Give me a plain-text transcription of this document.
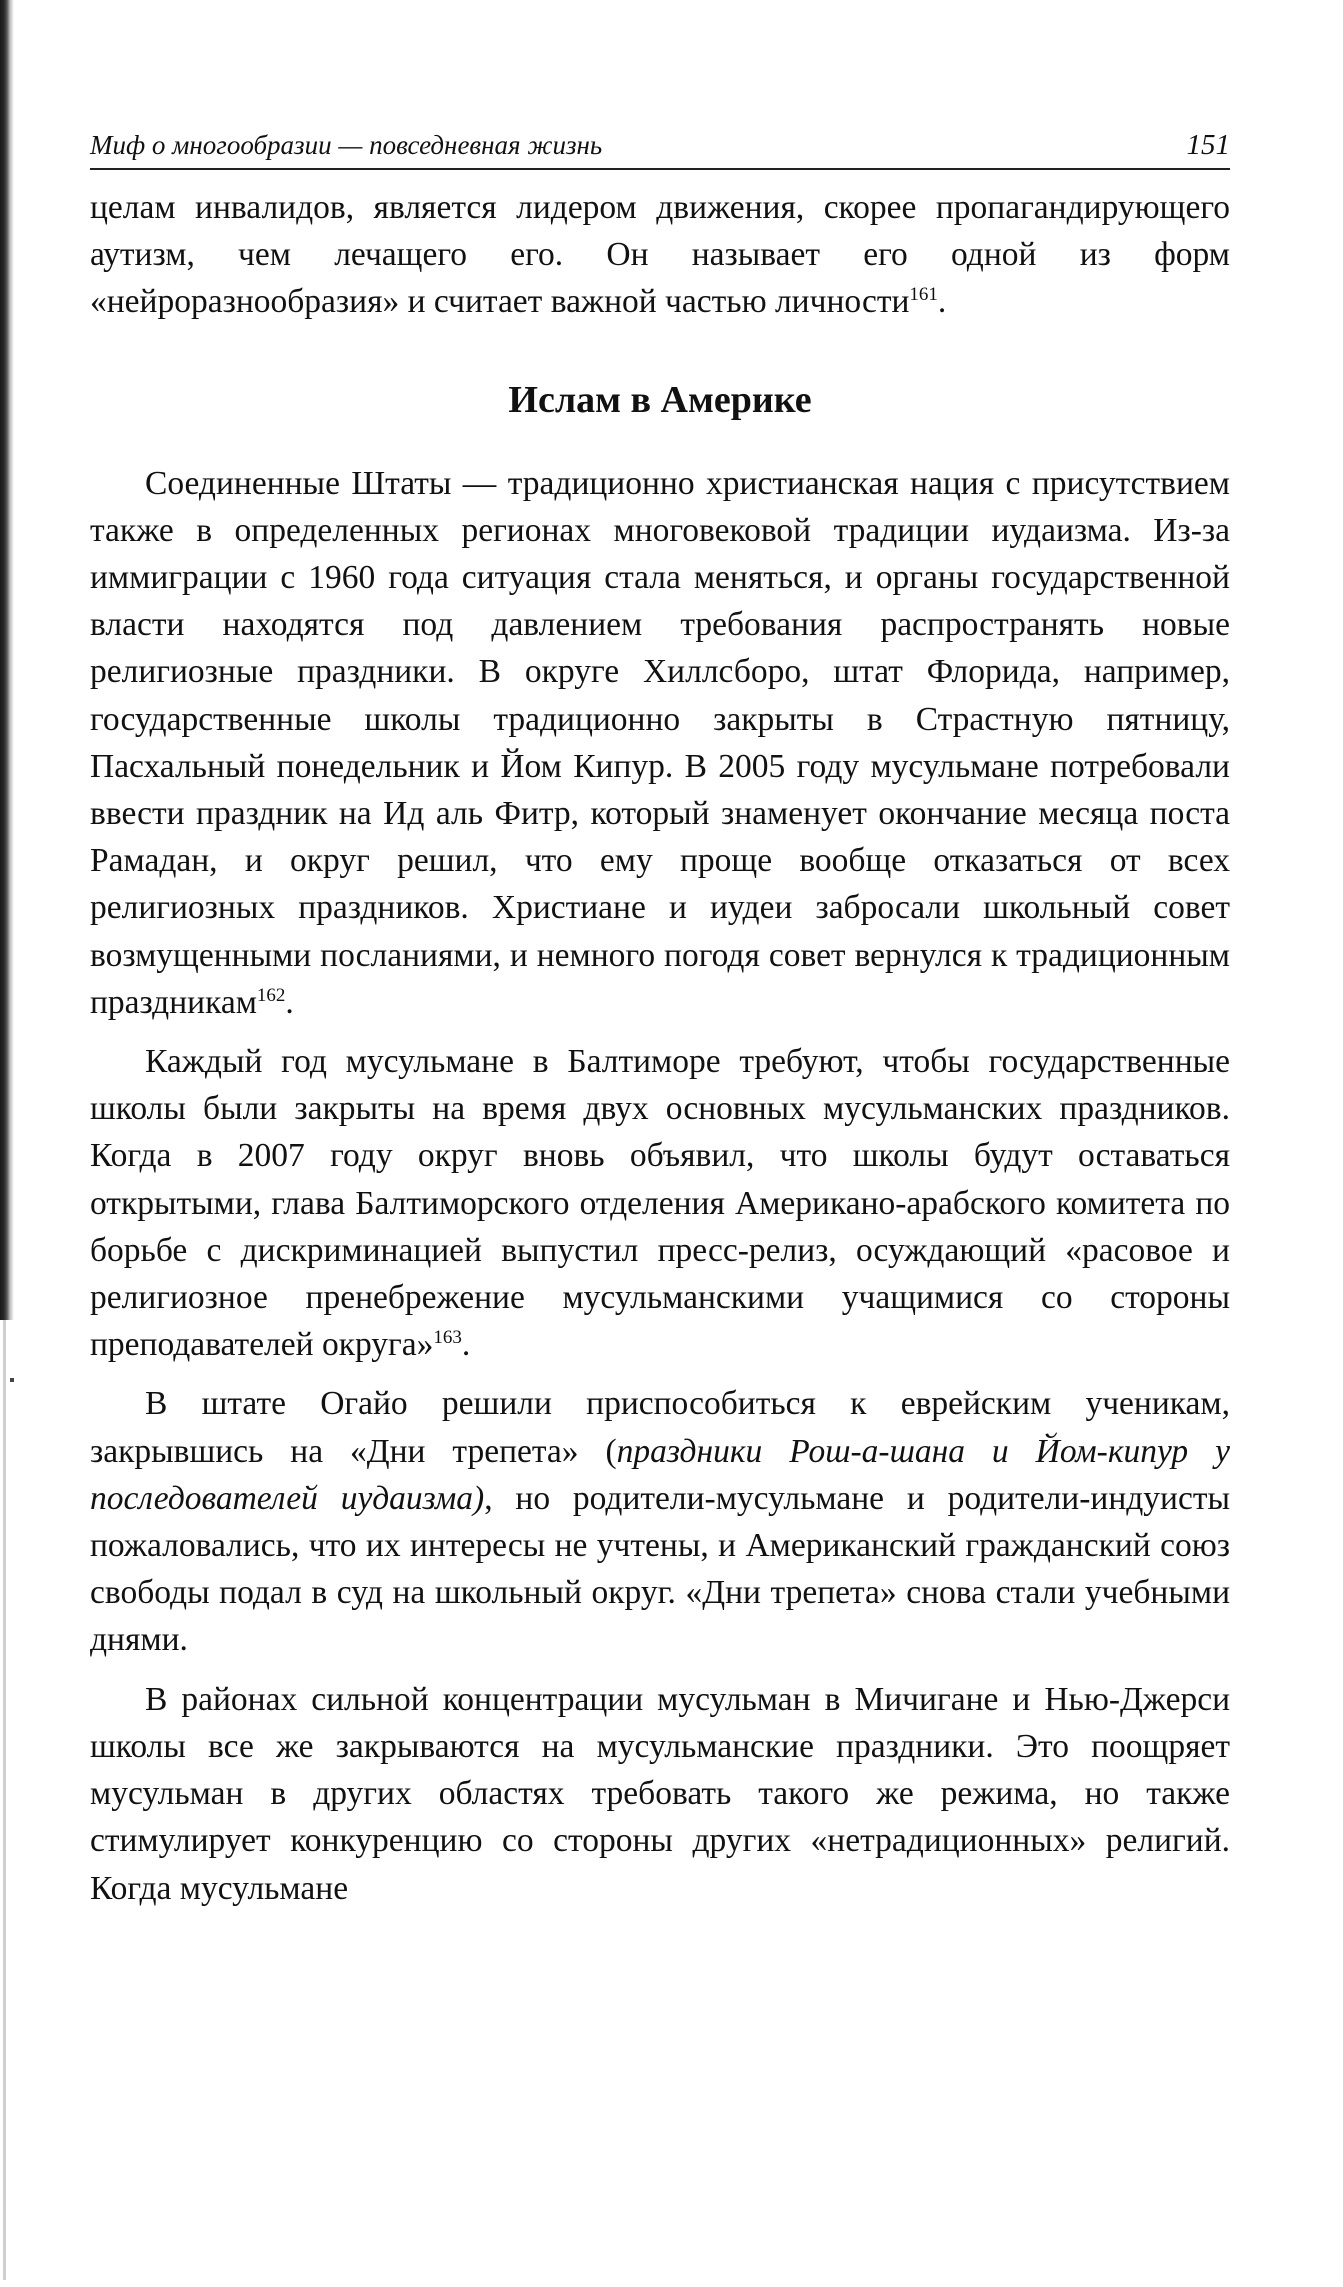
Миф о многообразии — повседневная жизнь	151

целам инвалидов, является лидером движения, скорее пропагандирующего аутизм, чем лечащего его. Он называет его одной из форм «нейроразнообразия» и считает важной частью личности$^{161}$.

Ислам в Америке

Соединенные Штаты — традиционно христианская нация с присутствием также в определенных регионах многовековой традиции иудаизма. Из-за иммиграции с 1960 года ситуация стала меняться, и органы государственной власти находятся под давлением требования распространять новые религиозные праздники. В округе Хиллсборо, штат Флорида, например, государственные школы традиционно закрыты в Страстную пятницу, Пасхальный понедельник и Йом Кипур. В 2005 году мусульмане потребовали ввести праздник на Ид аль Фитр, который знаменует окончание месяца поста Рамадан, и округ решил, что ему проще вообще отказаться от всех религиозных праздников. Христиане и иудеи забросали школьный совет возмущенными посланиями, и немного погодя совет вернулся к традиционным праздникам$^{162}$.

Каждый год мусульмане в Балтиморе требуют, чтобы государственные школы были закрыты на время двух основных мусульманских праздников. Когда в 2007 году округ вновь объявил, что школы будут оставаться открытыми, глава Балтиморского отделения Американо-арабского комитета по борьбе с дискриминацией выпустил пресс-релиз, осуждающий «расовое и религиозное пренебрежение мусульманскими учащимися со стороны преподавателей округа»$^{163}$.

В штате Огайо решили приспособиться к еврейским ученикам, закрывшись на «Дни трепета» (праздники Рош-а-шана и Йом-кипур у последователей иудаизма), но родители-мусульмане и родители-индуисты пожаловались, что их интересы не учтены, и Американский гражданский союз свободы подал в суд на школьный округ. «Дни трепета» снова стали учебными днями.

В районах сильной концентрации мусульман в Мичигане и Нью-Джерси школы все же закрываются на мусульманские праздники. Это поощряет мусульман в других областях требовать такого же режима, но также стимулирует конкуренцию со стороны других «нетрадиционных» религий. Когда мусульмане
